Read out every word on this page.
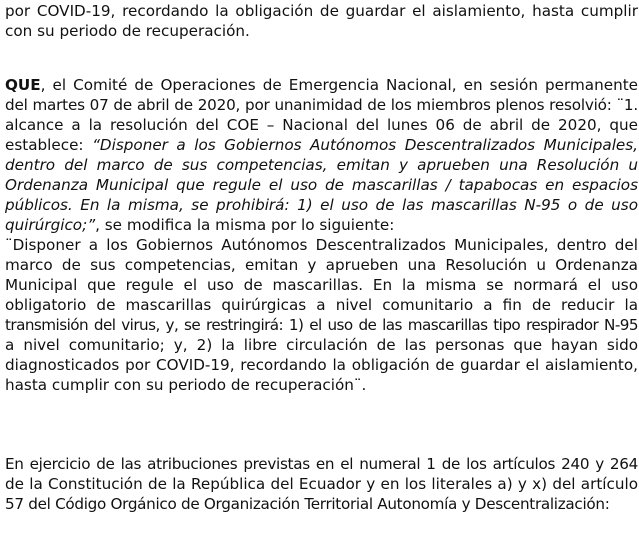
por COVID-19, recordando la obligación de guardar el aislamiento, hasta cumplir
con su periodo de recuperación.
QUE, el Comité de Operaciones de Emergencia Nacional, en sesión permanente
del martes 07 de abril de 2020, por unanimidad de los miembros plenos resolvió: ¨1.
alcance a la resolución del COE – Nacional del lunes 06 de abril de 2020, que
establece: “Disponer a los Gobiernos Autónomos Descentralizados Municipales,
dentro del marco de sus competencias, emitan y aprueben una Resolución u
Ordenanza Municipal que regule el uso de mascarillas / tapabocas en espacios
públicos. En la misma, se prohibirá: 1) el uso de las mascarillas N-95 o de uso
quirúrgico;”, se modifica la misma por lo siguiente:
¨Disponer a los Gobiernos Autónomos Descentralizados Municipales, dentro del
marco de sus competencias, emitan y aprueben una Resolución u Ordenanza
Municipal que regule el uso de mascarillas. En la misma se normará el uso
obligatorio de mascarillas quirúrgicas a nivel comunitario a fin de reducir la
transmisión del virus, y, se restringirá: 1) el uso de las mascarillas tipo respirador N-95
a nivel comunitario; y, 2) la libre circulación de las personas que hayan sido
diagnosticados por COVID-19, recordando la obligación de guardar el aislamiento,
hasta cumplir con su periodo de recuperación¨.
En ejercicio de las atribuciones previstas en el numeral 1 de los artículos 240 y 264
de la Constitución de la República del Ecuador y en los literales a) y x) del artículo
57 del Código Orgánico de Organización Territorial Autonomía y Descentralización:
